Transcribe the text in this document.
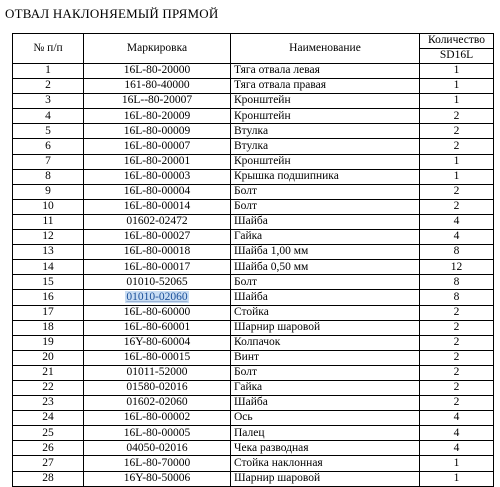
ОТВАЛ НАКЛОНЯЕМЫЙ ПРЯМОЙ
№ п/п	Маркировка	Наименование	Количество
			SD16L
1	16L-80-20000	Тяга отвала левая	1
2	161-80-40000	Тяга отвала правая	1
3	16L--80-20007	Кронштейн	1
4	16L-80-20009	Кронштейн	2
5	16L-80-00009	Втулка	2
6	16L-80-00007	Втулка	2
7	16L-80-20001	Кронштейн	1
8	16L-80-00003	Крышка подшипника	1
9	16L-80-00004	Болт	2
10	16L-80-00014	Болт	2
11	01602-02472	Шайба	4
12	16L-80-00027	Гайка	4
13	16L-80-00018	Шайба 1,00 мм	8
14	16L-80-00017	Шайба 0,50 мм	12
15	01010-52065	Болт	8
16	01010-02060	Шайба	8
17	16L-80-60000	Стойка	2
18	16L-80-60001	Шарнир шаровой	2
19	16Y-80-60004	Колпачок	2
20	16L-80-00015	Винт	2
21	01011-52000	Болт	2
22	01580-02016	Гайка	2
23	01602-02060	Шайба	2
24	16L-80-00002	Ось	4
25	16L-80-00005	Палец	4
26	04050-02016	Чека разводная	4
27	16L-80-70000	Стойка наклонная	1
28	16Y-80-50006	Шарнир шаровой	1
